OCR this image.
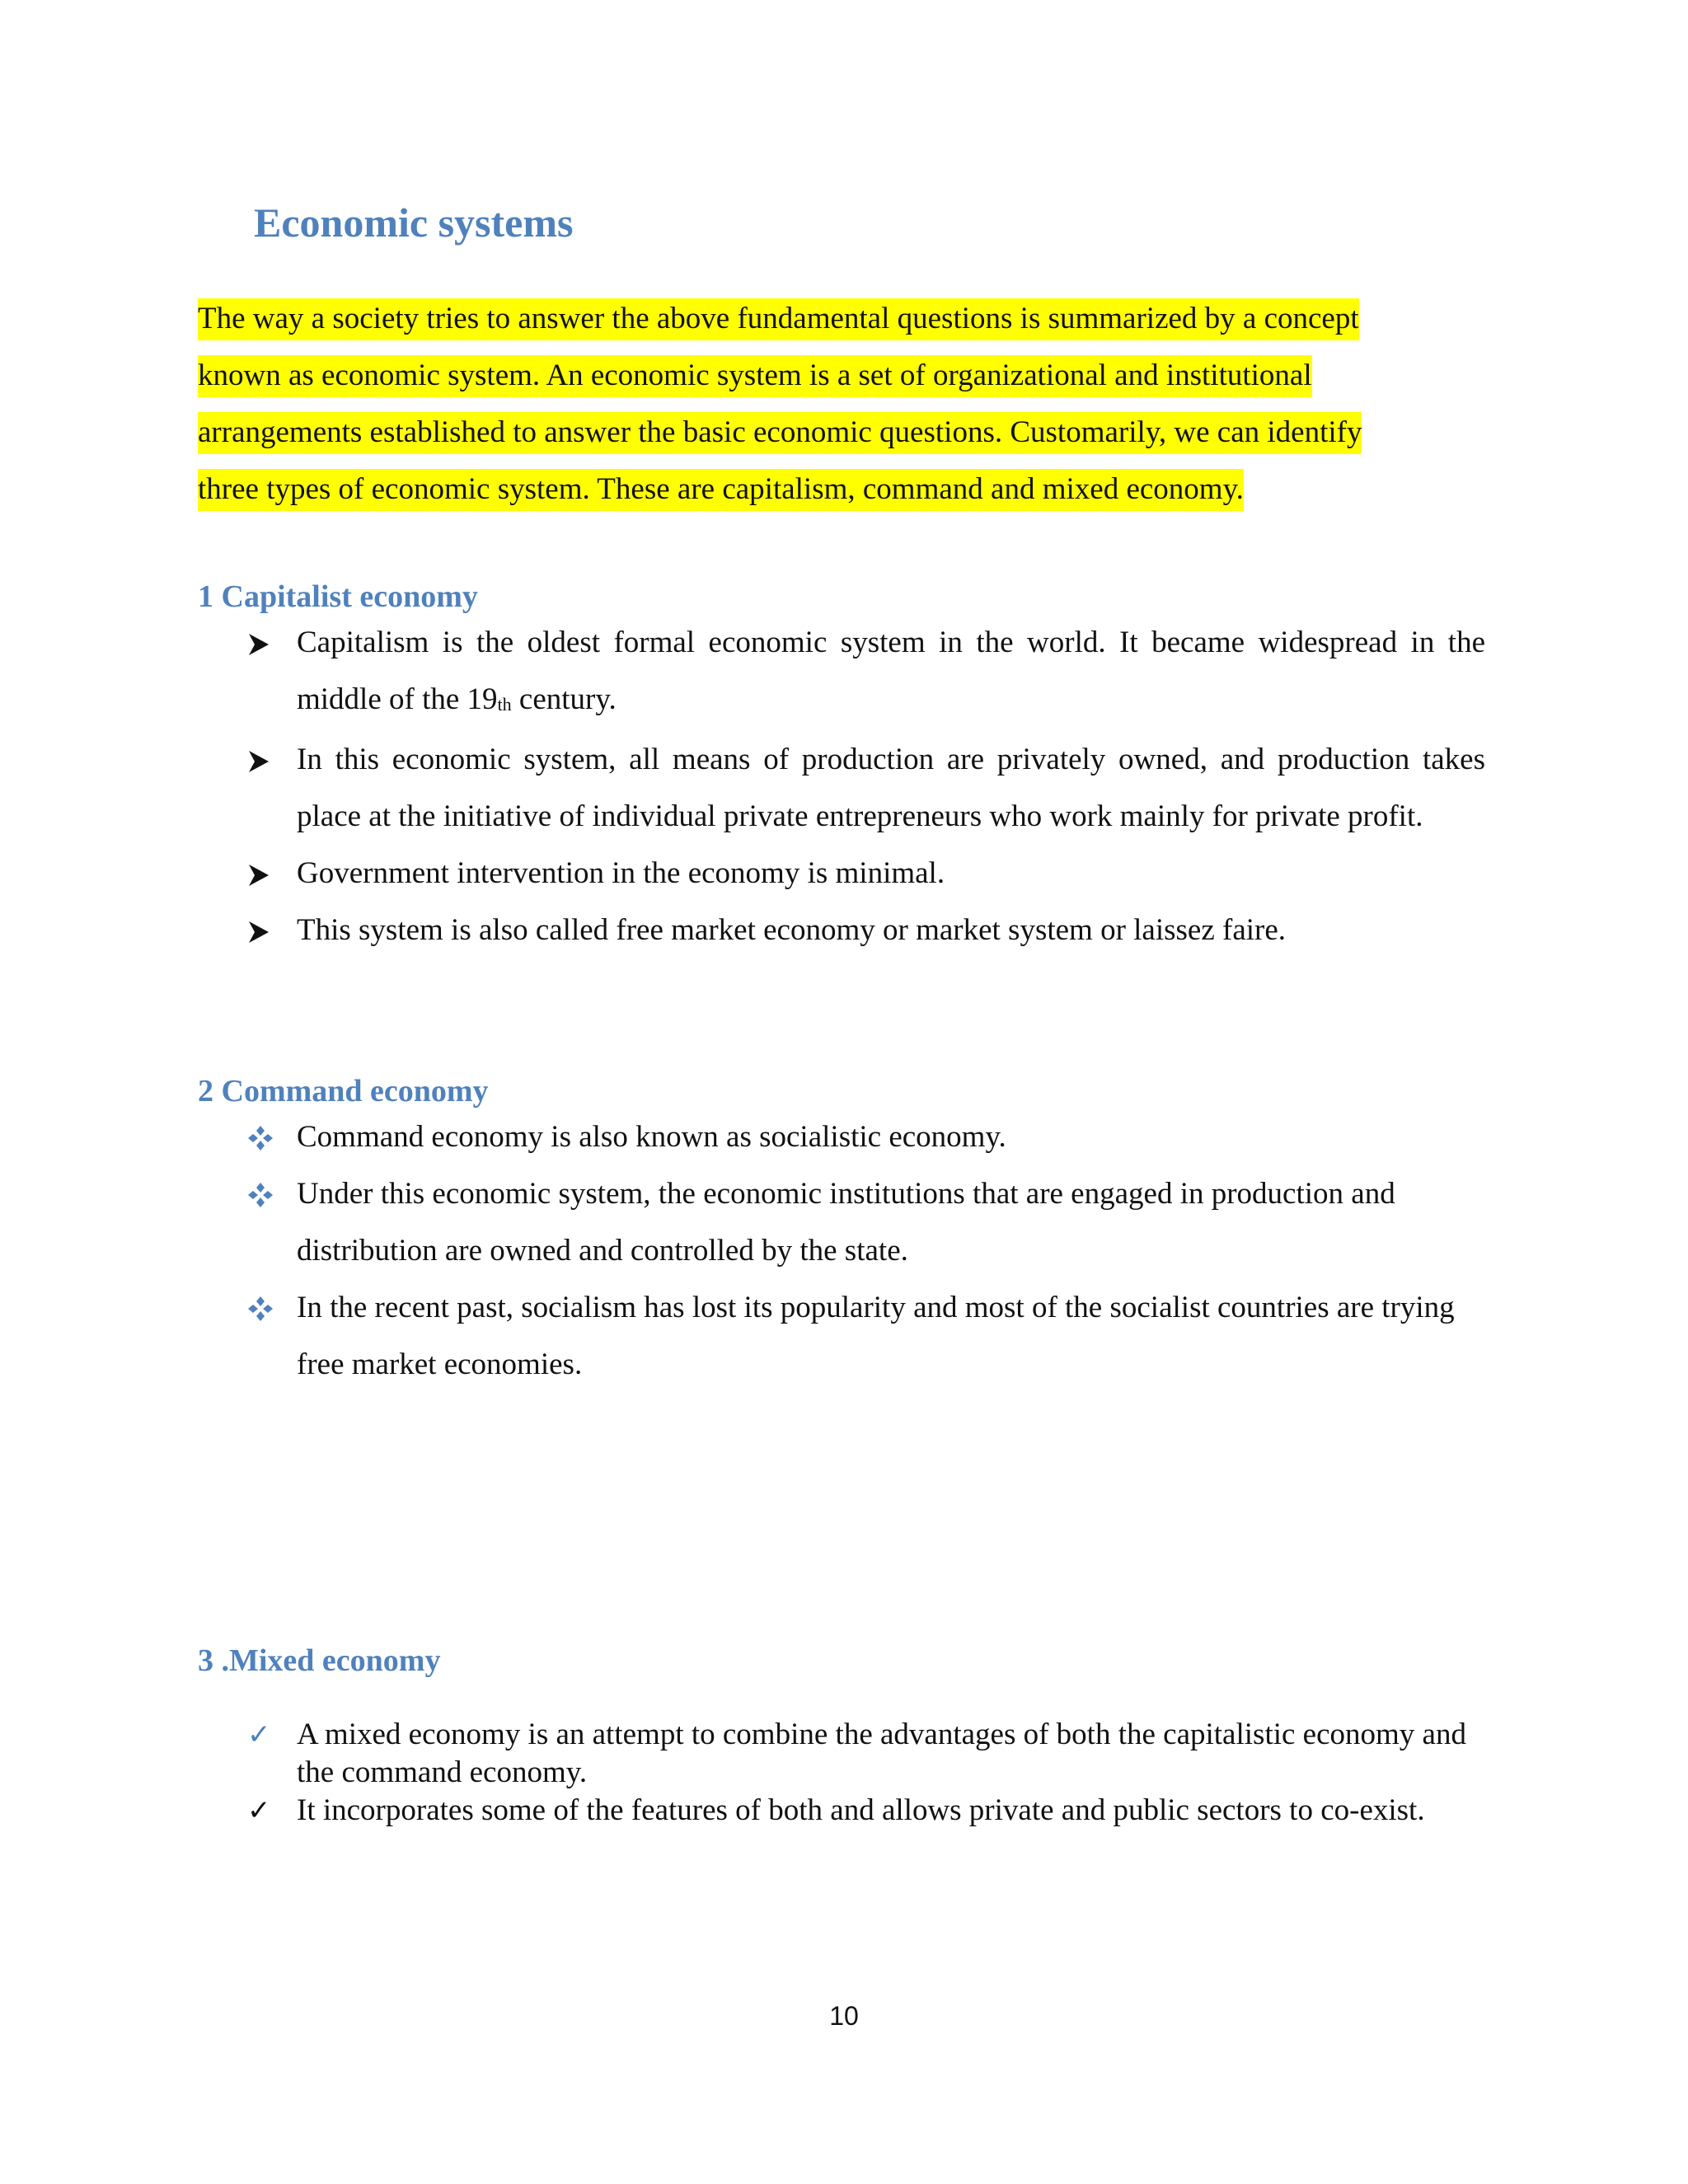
Economic systems
The way a society tries to answer the above fundamental questions is summarized by a concept
known as economic system. An economic system is a set of organizational and institutional
arrangements established to answer the basic economic questions. Customarily, we can identify
three types of economic system. These are capitalism, command and mixed economy.
1 Capitalist economy
Capitalism is the oldest formal economic system in the world. It became widespread in the middle of the $19_{th}$ century.
In this economic system, all means of production are privately owned, and production takes place at the initiative of individual private entrepreneurs who work mainly for private profit.
Government intervention in the economy is minimal.
This system is also called free market economy or market system or laissez faire.
2 Command economy
Command economy is also known as socialistic economy.
Under this economic system, the economic institutions that are engaged in production and distribution are owned and controlled by the state.
In the recent past, socialism has lost its popularity and most of the socialist countries are trying free market economies.
3 .Mixed economy
✓ A mixed economy is an attempt to combine the advantages of both the capitalistic economy and the command economy.
✓ It incorporates some of the features of both and allows private and public sectors to co-exist.
10
